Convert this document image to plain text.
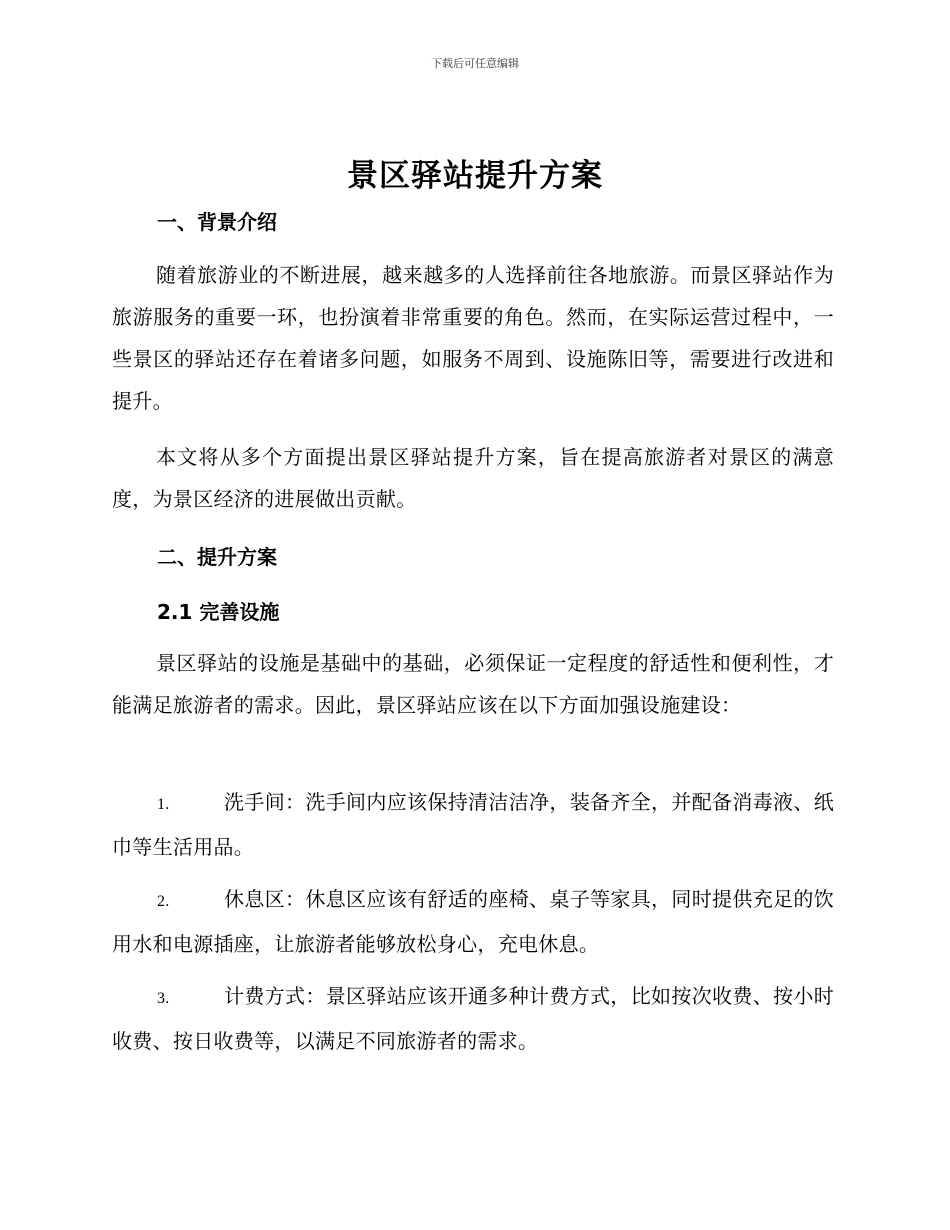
下载后可任意编辑
景区驿站提升方案
一、背景介绍
随着旅游业的不断进展，越来越多的人选择前往各地旅游。而景区驿站作为旅游服务的重要一环，也扮演着非常重要的角色。然而，在实际运营过程中，一些景区的驿站还存在着诸多问题，如服务不周到、设施陈旧等，需要进行改进和提升。
本文将从多个方面提出景区驿站提升方案，旨在提高旅游者对景区的满意度，为景区经济的进展做出贡献。
二、提升方案
2.1 完善设施
景区驿站的设施是基础中的基础，必须保证一定程度的舒适性和便利性，才能满足旅游者的需求。因此，景区驿站应该在以下方面加强设施建设：
1.	洗手间：洗手间内应该保持清洁洁净，装备齐全，并配备消毒液、纸巾等生活用品。
2.	休息区：休息区应该有舒适的座椅、桌子等家具，同时提供充足的饮用水和电源插座，让旅游者能够放松身心，充电休息。
3.	计费方式：景区驿站应该开通多种计费方式，比如按次收费、按小时收费、按日收费等，以满足不同旅游者的需求。
